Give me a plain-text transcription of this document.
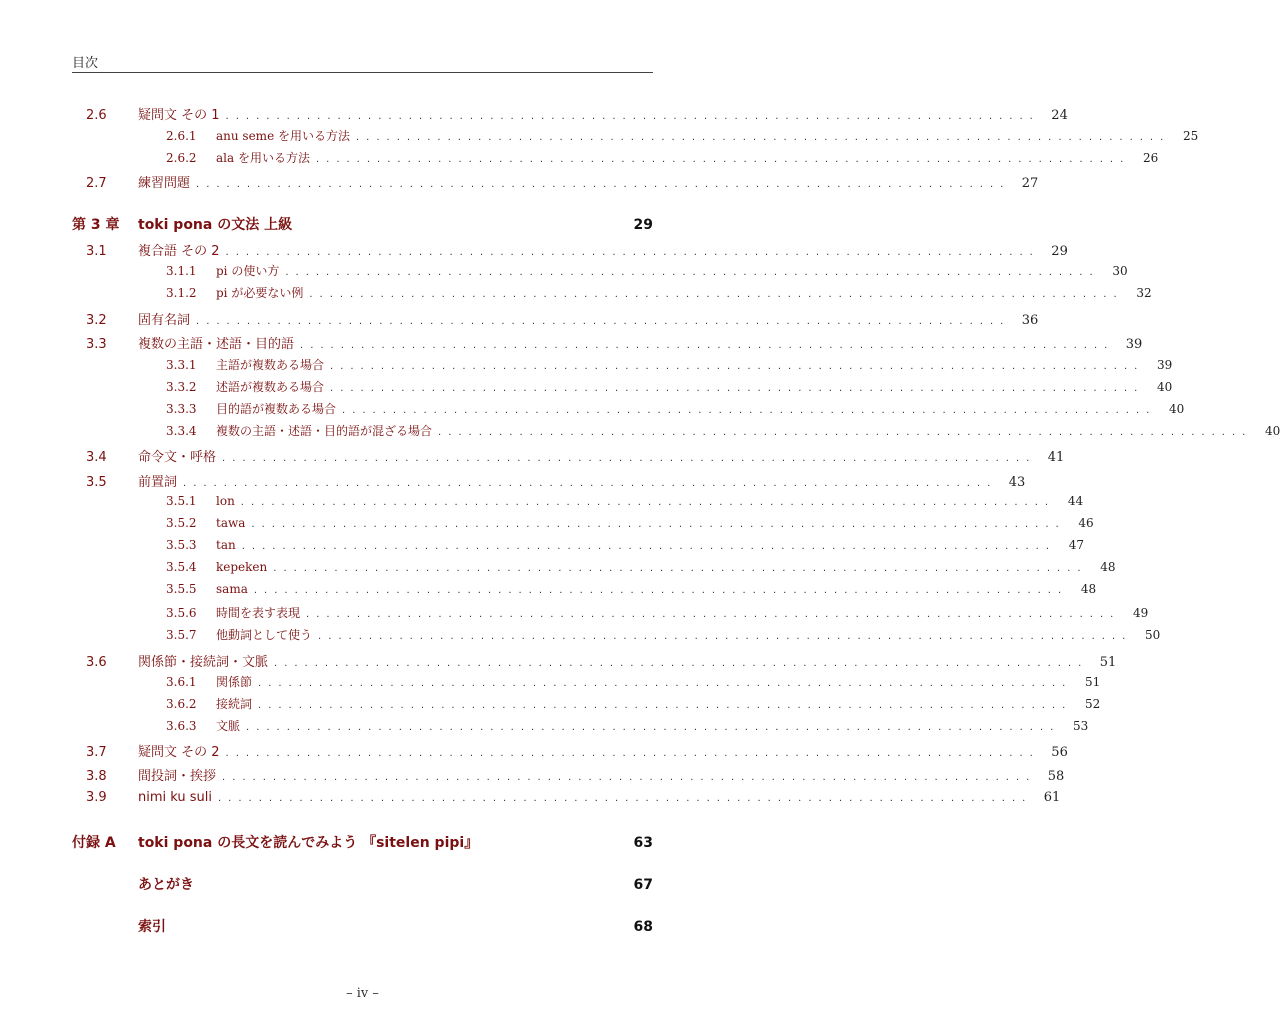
目次
2.6	疑問文 その 1 ................................................................................ 24
2.6.1	anu seme を用いる方法 ................................................................................	25
2.6.2	ala を用いる方法 ................................................................................	26
2.7	練習問題 ................................................................................ 27
第 3 章	toki pona の文法 上級	29
3.1	複合語 その 2 ................................................................................ 29
3.1.1	pi の使い方 ................................................................................	30
3.1.2	pi が必要ない例 ................................................................................	32
3.2	固有名詞 ................................................................................ 36
3.3	複数の主語・述語・目的語 ................................................................................ 39
3.3.1	主語が複数ある場合 ................................................................................	39
3.3.2	述語が複数ある場合 ................................................................................	40
3.3.3	目的語が複数ある場合 ................................................................................	40
3.3.4	複数の主語・述語・目的語が混ざる場合 ................................................................................	40
3.4	命令文・呼格 ................................................................................ 41
3.5	前置詞 ................................................................................ 43
3.5.1	lon ................................................................................	44
3.5.2	tawa ................................................................................	46
3.5.3	tan ................................................................................	47
3.5.4	kepeken ................................................................................	48
3.5.5	sama ................................................................................	48
3.5.6	時間を表す表現 ................................................................................	49
3.5.7	他動詞として使う ................................................................................	50
3.6	関係節・接続詞・文脈 ................................................................................ 51
3.6.1	関係節 ................................................................................	51
3.6.2	接続詞 ................................................................................	52
3.6.3	文脈 ................................................................................	53
3.7	疑問文 その 2 ................................................................................ 56
3.8	間投詞・挨拶 ................................................................................ 58
3.9	nimi ku suli ................................................................................ 61
付録 A	toki pona の長文を読んでみよう 『sitelen pipi』	63
あとがき	67
索引	68
– iv –
